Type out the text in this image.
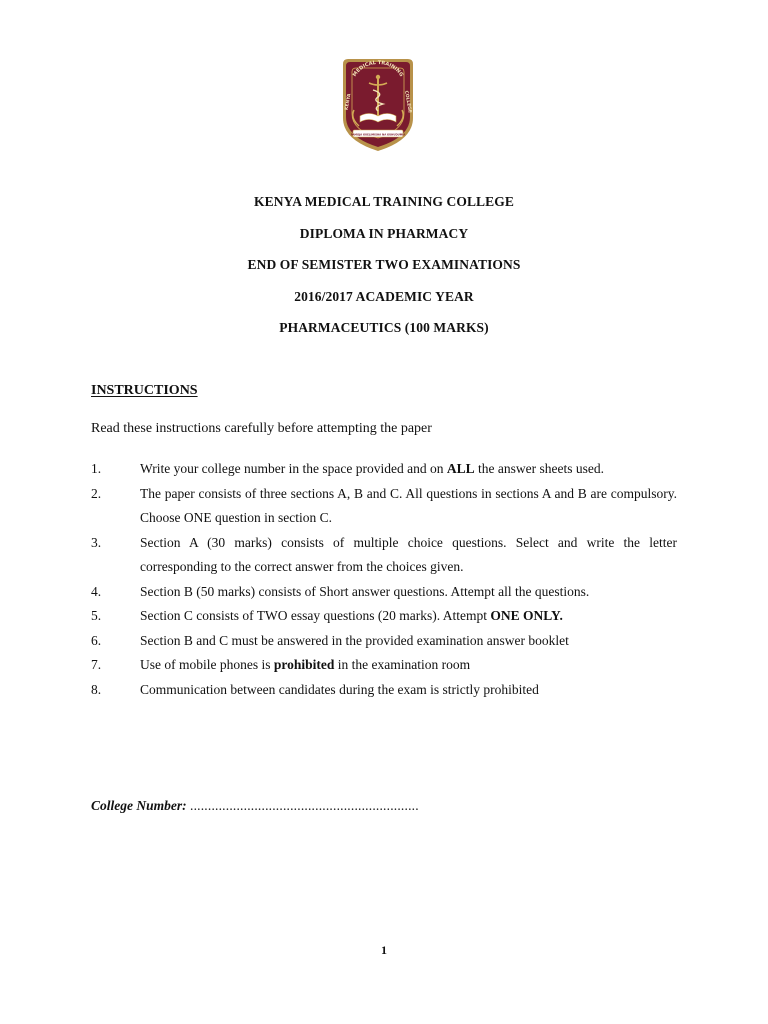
MEDICAL TRAINING
KENYA	COLLEGE
PAMOJA KUELIMISHA NA KUHUDUMIA
KENYA MEDICAL TRAINING COLLEGE
DIPLOMA IN PHARMACY
END OF SEMISTER TWO EXAMINATIONS
2016/2017 ACADEMIC YEAR
PHARMACEUTICS (100 MARKS)
INSTRUCTIONS
Read these instructions carefully before attempting the paper
1.	Write your college number in the space provided and on ALL the answer sheets used.
2.	The paper consists of three sections A, B and C. All questions in sections A and B are compulsory. Choose ONE question in section C.
3.	Section A (30 marks) consists of multiple choice questions. Select and write the letter corresponding to the correct answer from the choices given.
4.	Section B (50 marks) consists of Short answer questions. Attempt all the questions.
5.	Section C consists of TWO essay questions (20 marks). Attempt ONE ONLY.
6.	Section B and C must be answered in the provided examination answer booklet
7.	Use of mobile phones is prohibited in the examination room
8.	Communication between candidates during the exam is strictly prohibited
College Number: ................................................................
1
